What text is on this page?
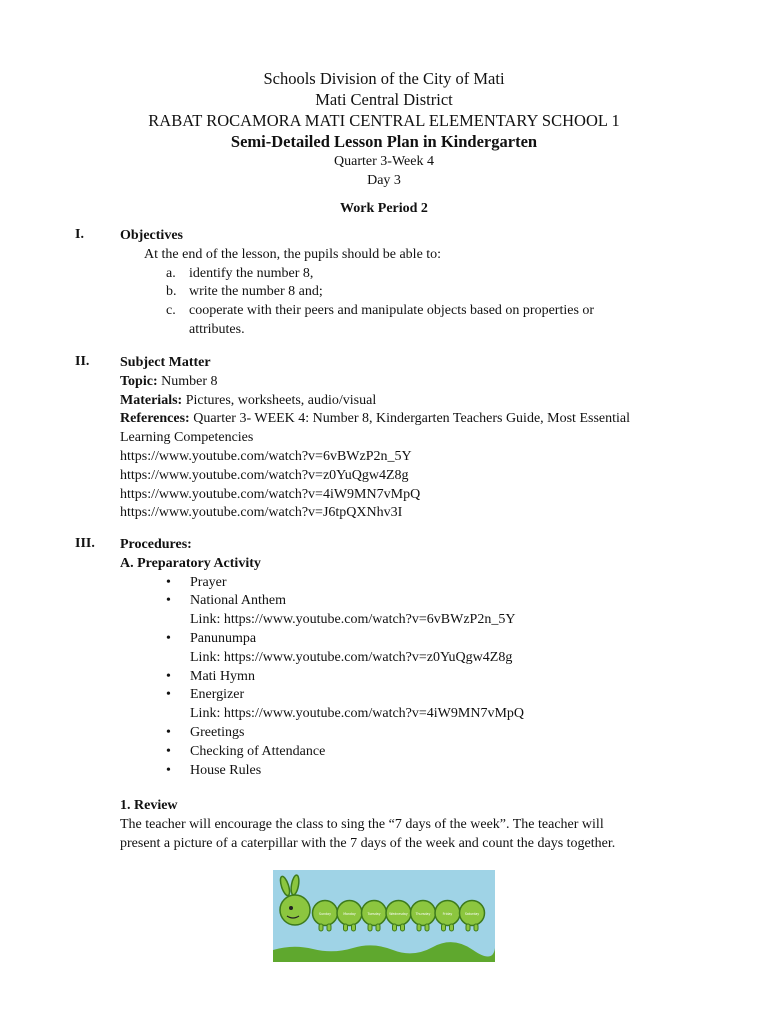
Schools Division of the City of Mati
Mati Central District
RABAT ROCAMORA MATI CENTRAL ELEMENTARY SCHOOL 1
Semi-Detailed Lesson Plan in Kindergarten
Quarter 3-Week 4
Day 3
Work Period 2
I.	Objectives
At the end of the lesson, the pupils should be able to:
a. identify the number 8,
b. write the number 8 and;
c. cooperate with their peers and manipulate objects based on properties or
attributes.
II. Subject Matter
Topic: Number 8
Materials: Pictures, worksheets, audio/visual
References: Quarter 3- WEEK 4: Number 8, Kindergarten Teachers Guide, Most Essential
Learning Competencies
https://www.youtube.com/watch?v=6vBWzP2n_5Y
https://www.youtube.com/watch?v=z0YuQgw4Z8g
https://www.youtube.com/watch?v=4iW9MN7vMpQ
https://www.youtube.com/watch?v=J6tpQXNhv3I
III. Procedures:
A. Preparatory Activity
• Prayer
• National Anthem
Link: https://www.youtube.com/watch?v=6vBWzP2n_5Y
• Panunumpa
Link: https://www.youtube.com/watch?v=z0YuQgw4Z8g
• Mati Hymn
• Energizer
Link: https://www.youtube.com/watch?v=4iW9MN7vMpQ
• Greetings
• Checking of Attendance
• House Rules
1. Review
The teacher will encourage the class to sing the “7 days of the week”. The teacher will
present a picture of a caterpillar with the 7 days of the week and count the days together.
Sunday	Monday	Tuesday	Wednesday	Thursday	Friday	Saturday
